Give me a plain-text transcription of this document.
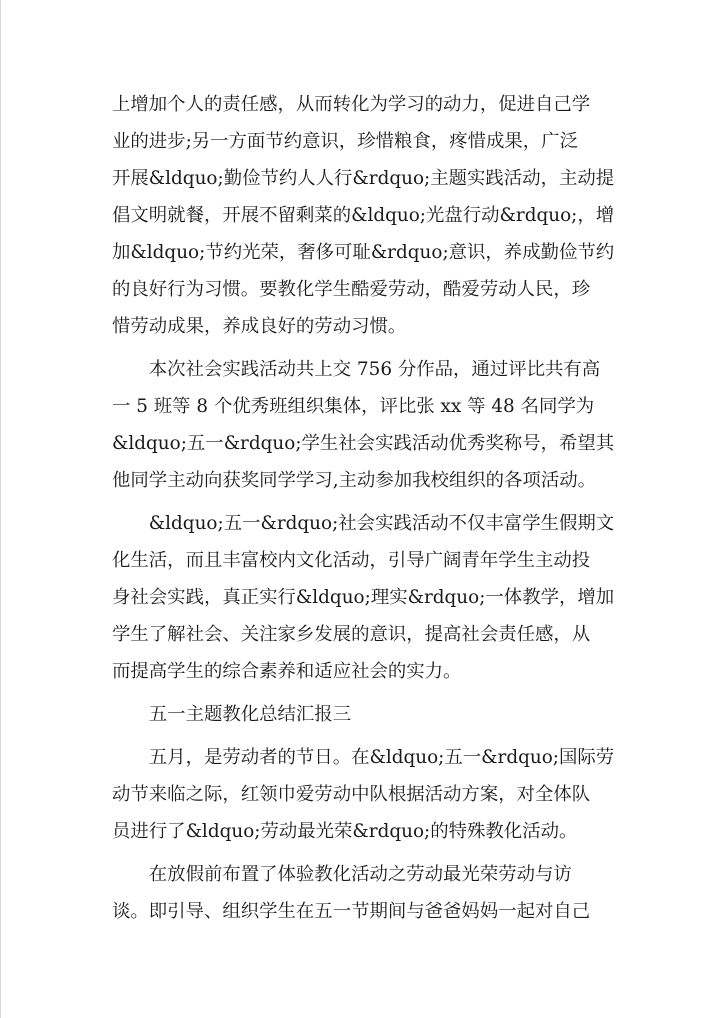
上增加个人的责任感，从而转化为学习的动力，促进自己学
业的进步;另一方面节约意识，珍惜粮食，疼惜成果，广泛
开展&ldquo;勤俭节约人人行&rdquo;主题实践活动，主动提
倡文明就餐，开展不留剩菜的&ldquo;光盘行动&rdquo;，增
加&ldquo;节约光荣，奢侈可耻&rdquo;意识，养成勤俭节约
的良好行为习惯。要教化学生酷爱劳动，酷爱劳动人民，珍
惜劳动成果，养成良好的劳动习惯。
　　本次社会实践活动共上交 756 分作品，通过评比共有高
一 5 班等 8 个优秀班组织集体，评比张 xx 等 48 名同学为
&ldquo;五一&rdquo;学生社会实践活动优秀奖称号，希望其
他同学主动向获奖同学学习,主动参加我校组织的各项活动。
　　&ldquo;五一&rdquo;社会实践活动不仅丰富学生假期文
化生活，而且丰富校内文化活动，引导广阔青年学生主动投
身社会实践，真正实行&ldquo;理实&rdquo;一体教学，增加
学生了解社会、关注家乡发展的意识，提高社会责任感，从
而提高学生的综合素养和适应社会的实力。
　　五一主题教化总结汇报三
　　五月，是劳动者的节日。在&ldquo;五一&rdquo;国际劳
动节来临之际，红领巾爱劳动中队根据活动方案，对全体队
员进行了&ldquo;劳动最光荣&rdquo;的特殊教化活动。
　　在放假前布置了体验教化活动之劳动最光荣劳动与访
谈。即引导、组织学生在五一节期间与爸爸妈妈一起对自己
